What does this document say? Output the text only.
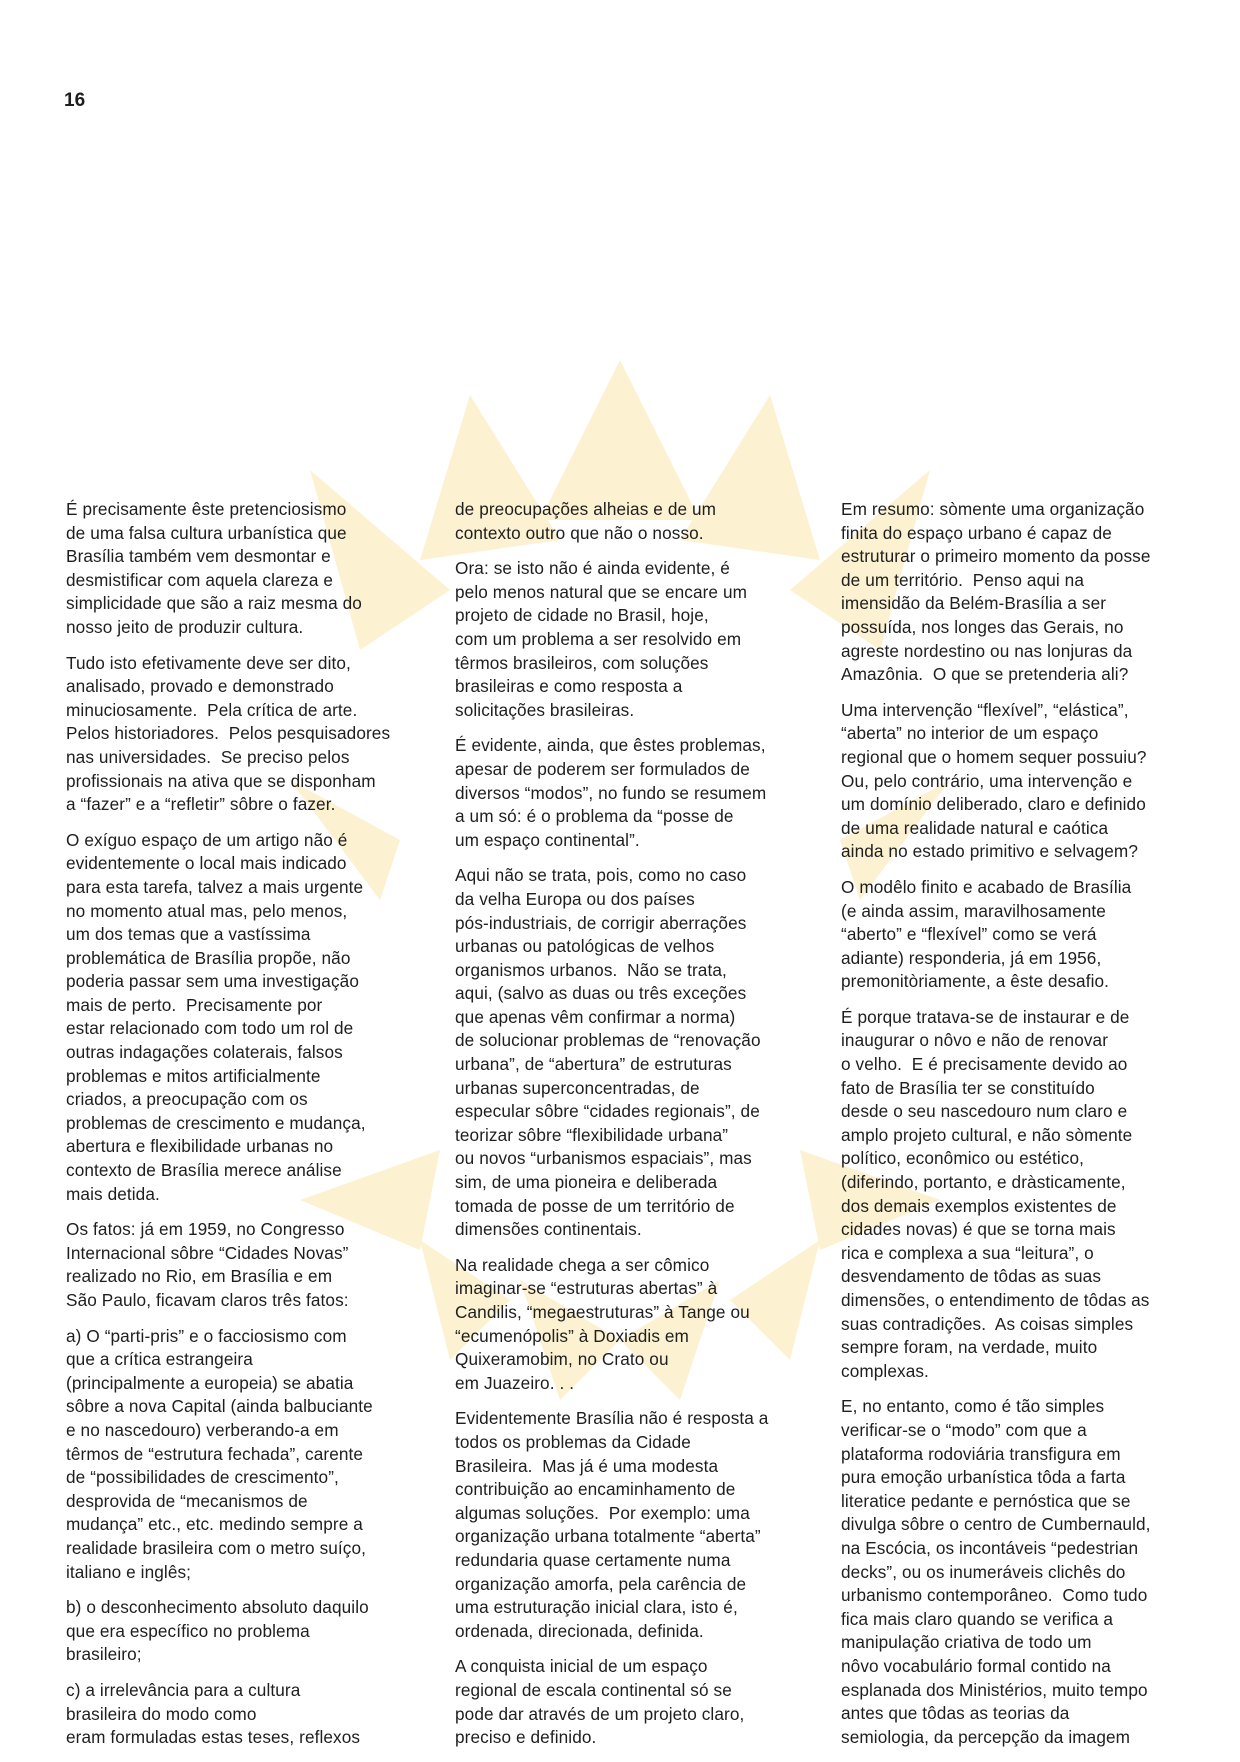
16

É precisamente êste pretenciosismo
de uma falsa cultura urbanística que
Brasília também vem desmontar e
desmistificar com aquela clareza e
simplicidade que são a raiz mesma do
nosso jeito de produzir cultura.

Tudo isto efetivamente deve ser dito,
analisado, provado e demonstrado
minuciosamente.  Pela crítica de arte.
Pelos historiadores.  Pelos pesquisadores
nas universidades.  Se preciso pelos
profissionais na ativa que se disponham
a “fazer” e a “refletir” sôbre o fazer.

O exíguo espaço de um artigo não é
evidentemente o local mais indicado
para esta tarefa, talvez a mais urgente
no momento atual mas, pelo menos,
um dos temas que a vastíssima
problemática de Brasília propõe, não
poderia passar sem uma investigação
mais de perto.  Precisamente por
estar relacionado com todo um rol de
outras indagações colaterais, falsos
problemas e mitos artificialmente
criados, a preocupação com os
problemas de crescimento e mudança,
abertura e flexibilidade urbanas no
contexto de Brasília merece análise
mais detida.

Os fatos: já em 1959, no Congresso
Internacional sôbre “Cidades Novas”
realizado no Rio, em Brasília e em
São Paulo, ficavam claros três fatos:

a) O “parti-pris” e o facciosismo com
que a crítica estrangeira
(principalmente a europeia) se abatia
sôbre a nova Capital (ainda balbuciante
e no nascedouro) verberando-a em
têrmos de “estrutura fechada”, carente
de “possibilidades de crescimento”,
desprovida de “mecanismos de
mudança” etc., etc. medindo sempre a
realidade brasileira com o metro suíço,
italiano e inglês;

b) o desconhecimento absoluto daquilo
que era específico no problema
brasileiro;

c) a irrelevância para a cultura
brasileira do modo como
eram formuladas estas teses, reflexos

de preocupações alheias e de um
contexto outro que não o nosso.

Ora: se isto não é ainda evidente, é
pelo menos natural que se encare um
projeto de cidade no Brasil, hoje,
com um problema a ser resolvido em
têrmos brasileiros, com soluções
brasileiras e como resposta a
solicitações brasileiras.

É evidente, ainda, que êstes problemas,
apesar de poderem ser formulados de
diversos “modos”, no fundo se resumem
a um só: é o problema da “posse de
um espaço continental”.

Aqui não se trata, pois, como no caso
da velha Europa ou dos países
pós-industriais, de corrigir aberrações
urbanas ou patológicas de velhos
organismos urbanos.  Não se trata,
aqui, (salvo as duas ou três exceções
que apenas vêm confirmar a norma)
de solucionar problemas de “renovação
urbana”, de “abertura” de estruturas
urbanas superconcentradas, de
especular sôbre “cidades regionais”, de
teorizar sôbre “flexibilidade urbana”
ou novos “urbanismos espaciais”, mas
sim, de uma pioneira e deliberada
tomada de posse de um território de
dimensões continentais.

Na realidade chega a ser cômico
imaginar-se “estruturas abertas” à
Candilis, “megaestruturas” à Tange ou
“ecumenópolis” à Doxiadis em
Quixeramobim, no Crato ou
em Juazeiro. . .

Evidentemente Brasília não é resposta a
todos os problemas da Cidade
Brasileira.  Mas já é uma modesta
contribuição ao encaminhamento de
algumas soluções.  Por exemplo: uma
organização urbana totalmente “aberta”
redundaria quase certamente numa
organização amorfa, pela carência de
uma estruturação inicial clara, isto é,
ordenada, direcionada, definida.

A conquista inicial de um espaço
regional de escala continental só se
pode dar através de um projeto claro,
preciso e definido.

Em resumo: sòmente uma organização
finita do espaço urbano é capaz de
estruturar o primeiro momento da posse
de um território.  Penso aqui na
imensidão da Belém-Brasília a ser
possuída, nos longes das Gerais, no
agreste nordestino ou nas lonjuras da
Amazônia.  O que se pretenderia ali?

Uma intervenção “flexível”, “elástica”,
“aberta” no interior de um espaço
regional que o homem sequer possuiu?
Ou, pelo contrário, uma intervenção e
um domínio deliberado, claro e definido
de uma realidade natural e caótica
ainda no estado primitivo e selvagem?

O modêlo finito e acabado de Brasília
(e ainda assim, maravilhosamente
“aberto” e “flexível” como se verá
adiante) responderia, já em 1956,
premonitòriamente, a êste desafio.

É porque tratava-se de instaurar e de
inaugurar o nôvo e não de renovar
o velho.  E é precisamente devido ao
fato de Brasília ter se constituído
desde o seu nascedouro num claro e
amplo projeto cultural, e não sòmente
político, econômico ou estético,
(diferindo, portanto, e dràsticamente,
dos demais exemplos existentes de
cidades novas) é que se torna mais
rica e complexa a sua “leitura”, o
desvendamento de tôdas as suas
dimensões, o entendimento de tôdas as
suas contradições.  As coisas simples
sempre foram, na verdade, muito
complexas.

E, no entanto, como é tão simples
verificar-se o “modo” com que a
plataforma rodoviária transfigura em
pura emoção urbanística tôda a farta
literatice pedante e pernóstica que se
divulga sôbre o centro de Cumbernauld,
na Escócia, os incontáveis “pedestrian
decks”, ou os inumeráveis clichês do
urbanismo contemporâneo.  Como tudo
fica mais claro quando se verifica a
manipulação criativa de todo um
nôvo vocabulário formal contido na
esplanada dos Ministérios, muito tempo
antes que tôdas as teorias da
semiologia, da percepção da imagem
